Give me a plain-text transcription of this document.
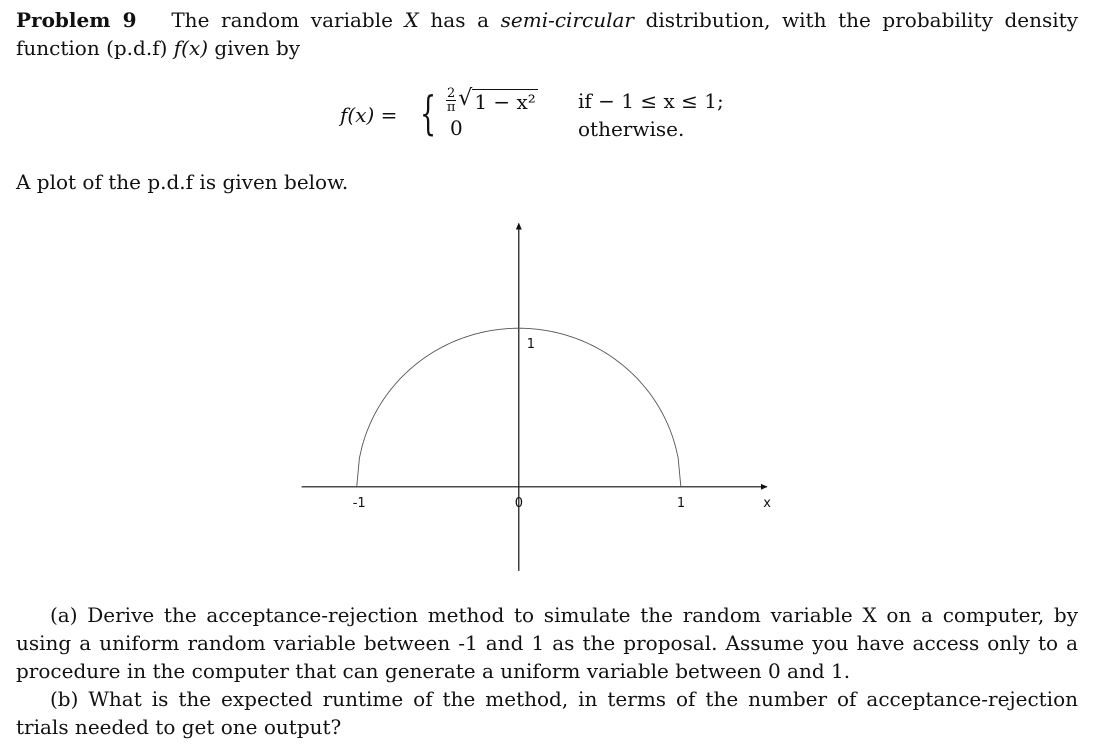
Problem 9 The random variable X has a semi-circular distribution, with the probability density function (p.d.f) f(x) given by
f(x) = { $\frac{2}{\pi}$ √ 1 − x²
0
if − 1 ≤ x ≤ 1;
otherwise.
A plot of the p.d.f is given below.
-1	0	1
1
x
(a) Derive the acceptance-rejection method to simulate the random variable X on a computer, by using a uniform random variable between -1 and 1 as the proposal. Assume you have access only to a procedure in the computer that can generate a uniform variable between 0 and 1.
(b) What is the expected runtime of the method, in terms of the number of acceptance-rejection trials needed to get one output?
